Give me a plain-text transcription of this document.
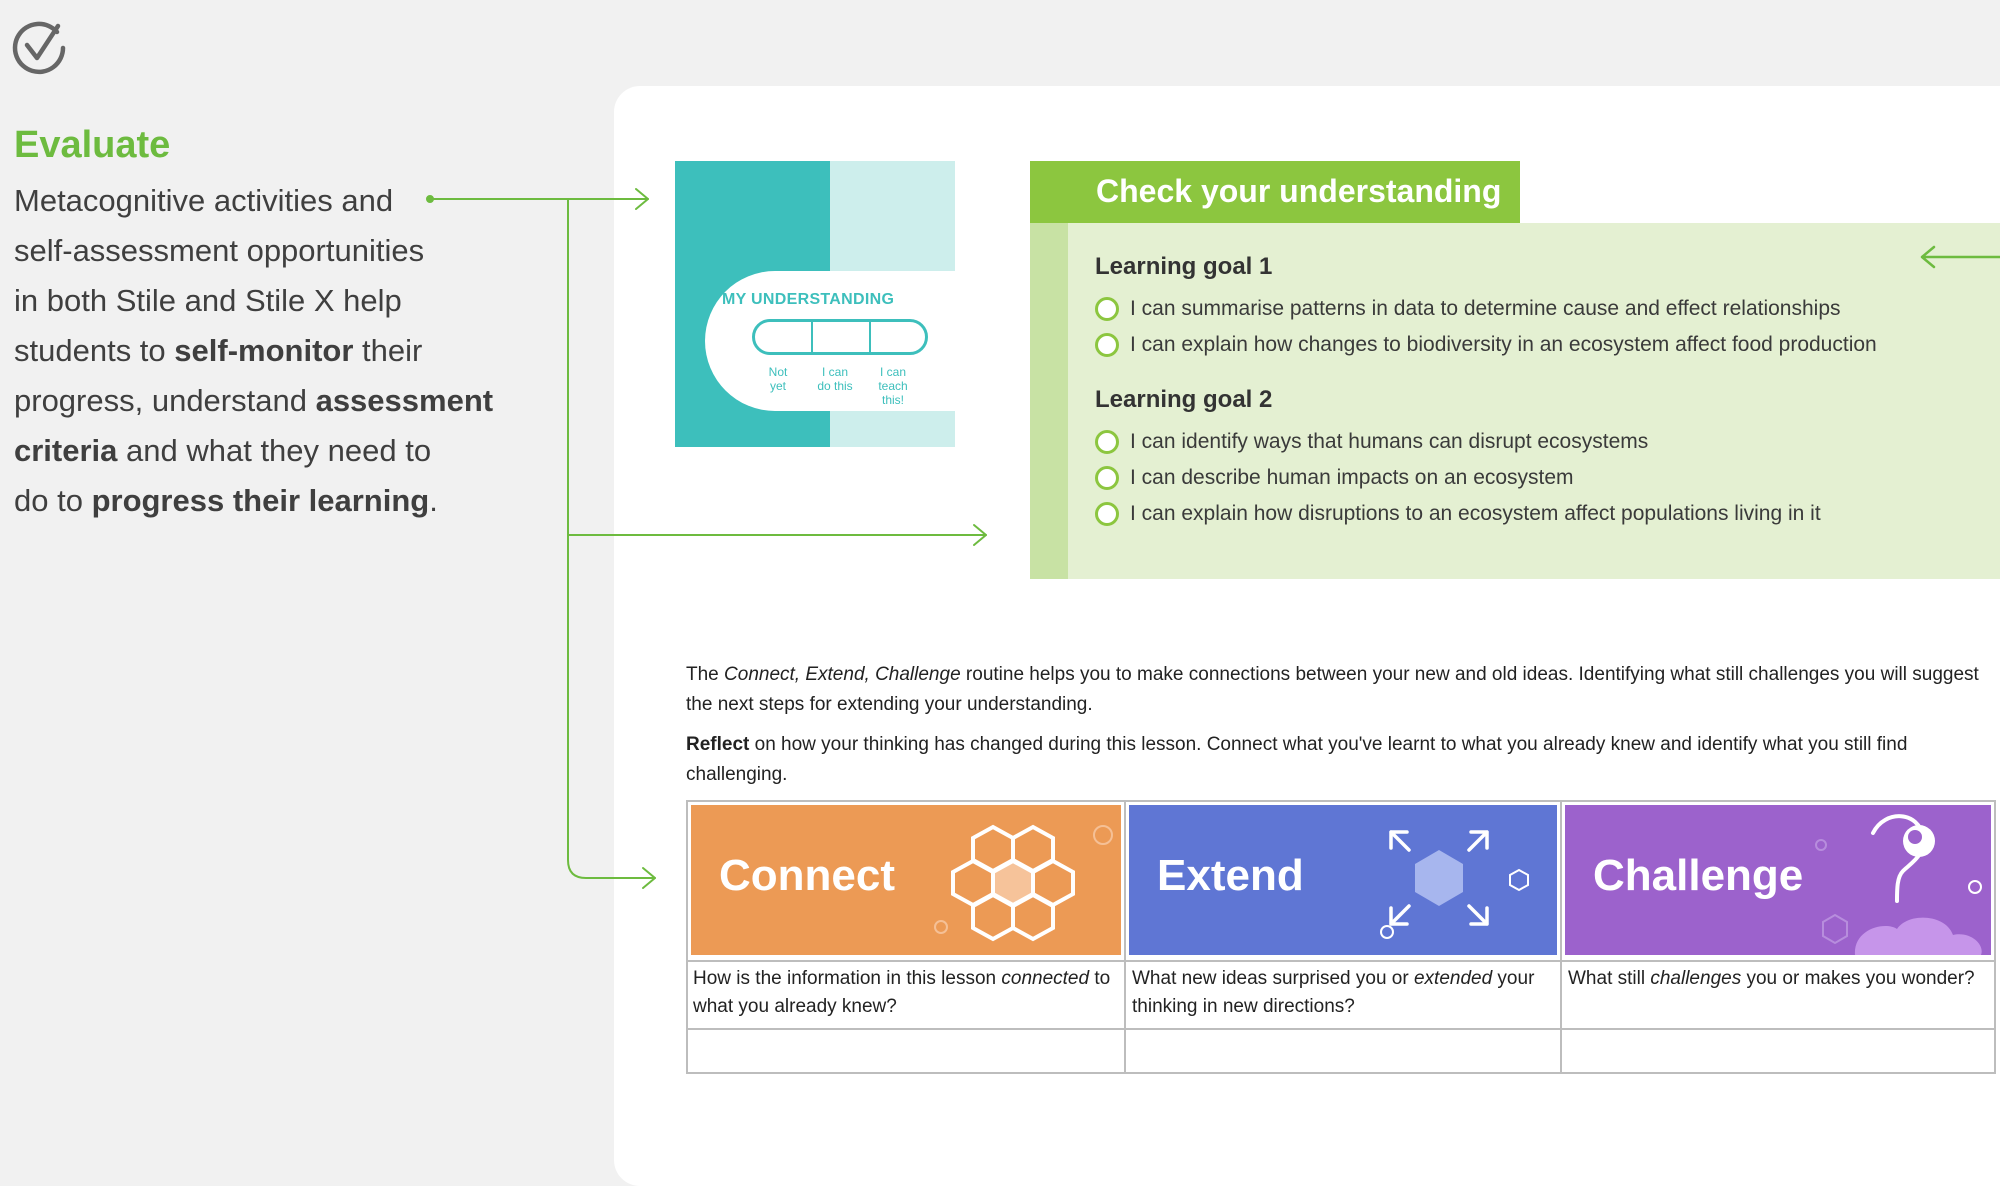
Evaluate
Metacognitive activities and
self-assessment opportunities
in both Stile and Stile X help
students to self-monitor their
progress, understand assessment
criteria and what they need to
do to progress their learning.
MY UNDERSTANDING
Not
yet
I can
do this
I can
teach
this!
Check your understanding
Learning goal 1
I can summarise patterns in data to determine cause and effect relationships
I can explain how changes to biodiversity in an ecosystem affect food production
Learning goal 2
I can identify ways that humans can disrupt ecosystems
I can describe human impacts on an ecosystem
I can explain how disruptions to an ecosystem affect populations living in it
The Connect, Extend, Challenge routine helps you to make connections between your new and old ideas. Identifying what still challenges you will suggest the next steps for extending your understanding.
Reflect on how your thinking has changed during this lesson. Connect what you've learnt to what you already knew and identify what you still find challenging.
Connect
How is the information in this lesson connected to what you already knew?
Extend
What new ideas surprised you or extended your thinking in new directions?
Challenge
What still challenges you or makes you wonder?
